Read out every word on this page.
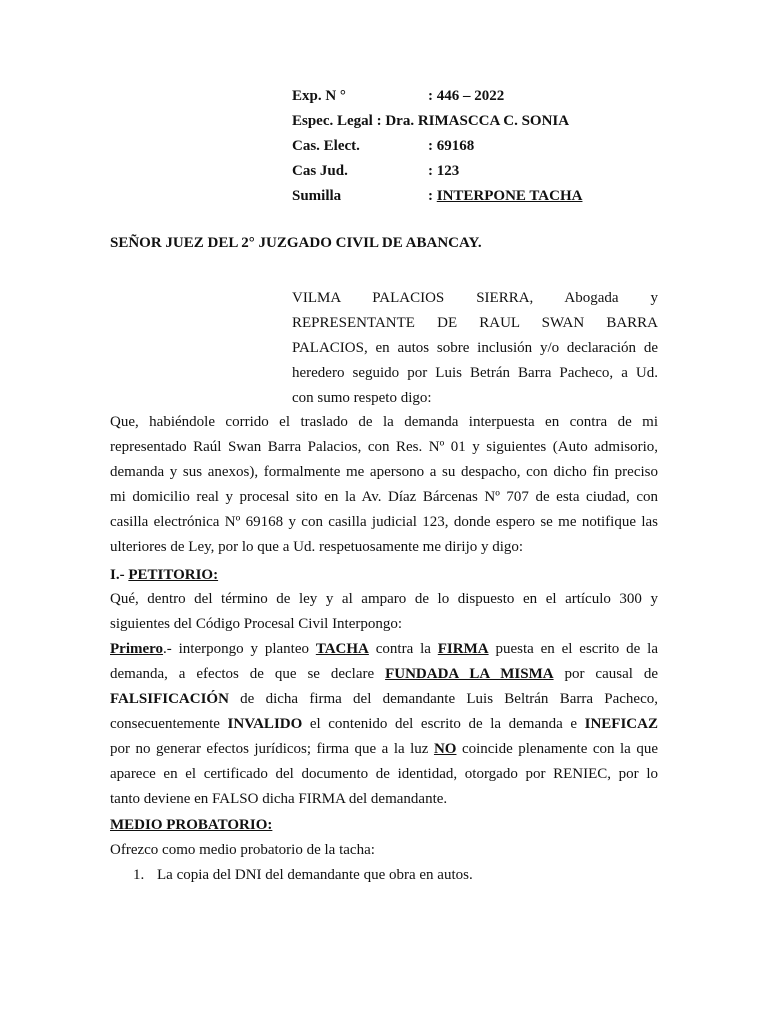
Exp. N °	: 446 – 2022
Espec. Legal : Dra. RIMASCCA C. SONIA
Cas. Elect.	: 69168
Cas Jud.	: 123
Sumilla	: INTERPONE TACHA
SEÑOR JUEZ DEL 2° JUZGADO CIVIL DE ABANCAY.
VILMA PALACIOS SIERRA, Abogada y
REPRESENTANTE DE RAUL SWAN BARRA
PALACIOS, en autos sobre inclusión y/o declaración de
heredero seguido por Luis Betrán Barra Pacheco, a Ud.
con sumo respeto digo:
Que, habiéndole corrido el traslado de la demanda interpuesta en contra de mi
representado Raúl Swan Barra Palacios, con Res. Nº 01 y siguientes (Auto admisorio,
demanda y sus anexos), formalmente me apersono a su despacho, con dicho fin preciso
mi domicilio real y procesal sito en la Av. Díaz Bárcenas Nº 707 de esta ciudad, con
casilla electrónica Nº 69168 y con casilla judicial 123, donde espero se me notifique las
ulteriores de Ley, por lo que a Ud. respetuosamente me dirijo y digo:
I.- PETITORIO:
Qué, dentro del término de ley y al amparo de lo dispuesto en el artículo 300 y
siguientes del Código Procesal Civil Interpongo:
Primero.- interpongo y planteo TACHA contra la FIRMA puesta en el escrito de la
demanda, a efectos de que se declare FUNDADA LA MISMA por causal de
FALSIFICACIÓN de dicha firma del demandante Luis Beltrán Barra Pacheco,
consecuentemente INVALIDO el contenido del escrito de la demanda e INEFICAZ
por no generar efectos jurídicos; firma que a la luz NO coincide plenamente con la que
aparece en el certificado del documento de identidad, otorgado por RENIEC, por lo
tanto deviene en FALSO dicha FIRMA del demandante.
MEDIO PROBATORIO:
Ofrezco como medio probatorio de la tacha:
1. La copia del DNI del demandante que obra en autos.
